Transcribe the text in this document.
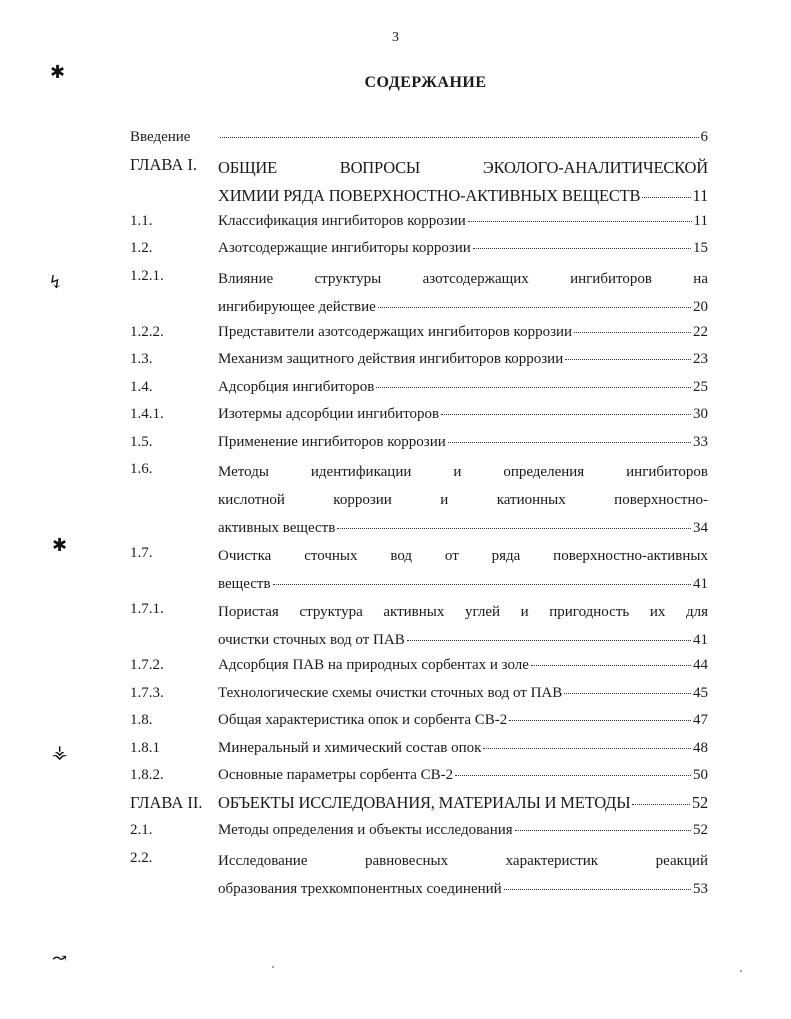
3
СОДЕРЖАНИЕ
Введение	6
ГЛАВА I. ОБЩИЕ ВОПРОСЫ ЭКОЛОГО-АНАЛИТИЧЕСКОЙ
ХИМИИ РЯДА ПОВЕРХНОСТНО-АКТИВНЫХ ВЕЩЕСТВ	11
1.1.	Классификация ингибиторов коррозии	11
1.2.	Азотсодержащие ингибиторы коррозии	15
1.2.1.	Влияние структуры азотсодержащих ингибиторов на
ингибирующее действие	20
1.2.2.	Представители азотсодержащих ингибиторов коррозии	22
1.3.	Механизм защитного действия ингибиторов коррозии	23
1.4.	Адсорбция ингибиторов	25
1.4.1.	Изотермы адсорбции ингибиторов	30
1.5.	Применение ингибиторов коррозии	33
1.6.	Методы идентификации и определения ингибиторов
кислотной коррозии и катионных поверхностно-
активных веществ	34
1.7.	Очистка сточных вод от ряда поверхностно-активных
веществ	41
1.7.1.	Пористая структура активных углей и пригодность их для
очистки сточных вод от ПАВ	41
1.7.2.	Адсорбция ПАВ на природных сорбентах и золе	44
1.7.3.	Технологические схемы очистки сточных вод от ПАВ	45
1.8.	Общая характеристика опок и сорбента СВ-2	47
1.8.1	Минеральный и химический состав опок	48
1.8.2.	Основные параметры сорбента СВ-2	50
ГЛАВА II. ОБЪЕКТЫ ИССЛЕДОВАНИЯ, МАТЕРИАЛЫ И МЕТОДЫ	52
2.1.	Методы определения и объекты исследования	52
2.2.	Исследование равновесных характеристик реакций
образования трехкомпонентных соединений	53
✱
↯
✱
⚶
↝
